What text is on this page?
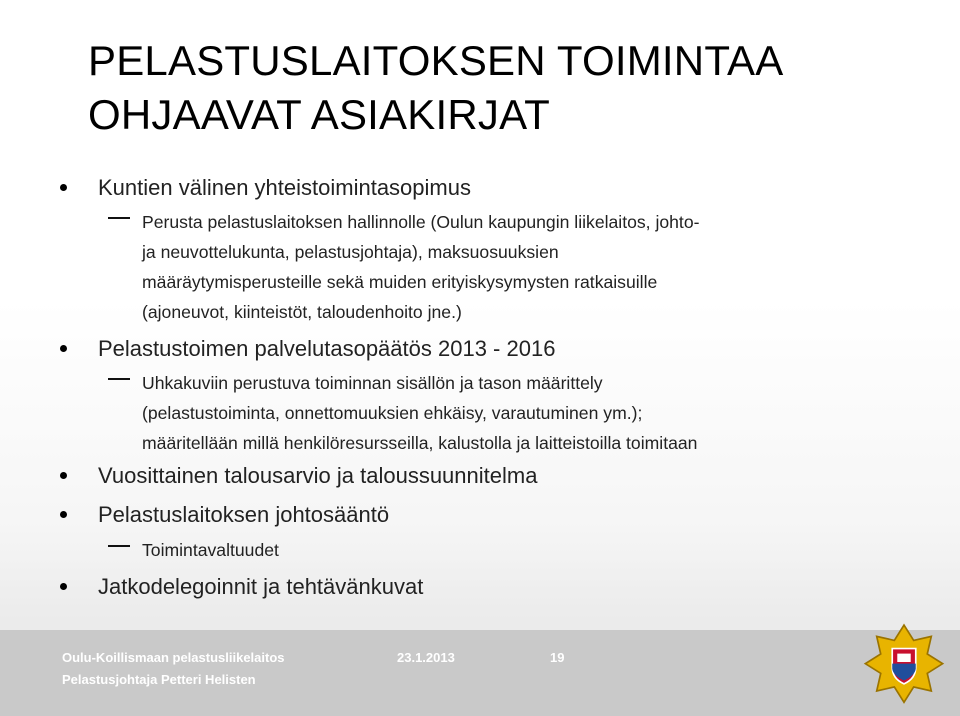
PELASTUSLAITOKSEN TOIMINTAA
OHJAAVAT ASIAKIRJAT
Kuntien välinen yhteistoimintasopimus
Perusta pelastuslaitoksen hallinnolle (Oulun kaupungin liikelaitos, johto-
ja neuvottelukunta, pelastusjohtaja), maksuosuuksien
määräytymisperusteille sekä muiden erityiskysymysten ratkaisuille
(ajoneuvot, kiinteistöt, taloudenhoito jne.)
Pelastustoimen palvelutasopäätös 2013 - 2016
Uhkakuviin perustuva toiminnan sisällön ja tason määrittely
(pelastustoiminta, onnettomuuksien ehkäisy, varautuminen ym.);
määritellään millä henkilöresursseilla, kalustolla ja laitteistoilla toimitaan
Vuosittainen talousarvio ja taloussuunnitelma
Pelastuslaitoksen johtosääntö
Toimintavaltuudet
Jatkodelegoinnit ja tehtävänkuvat
Oulu-Koillismaan pelastusliikelaitos
Pelastusjohtaja Petteri Helisten
23.1.2013	19
